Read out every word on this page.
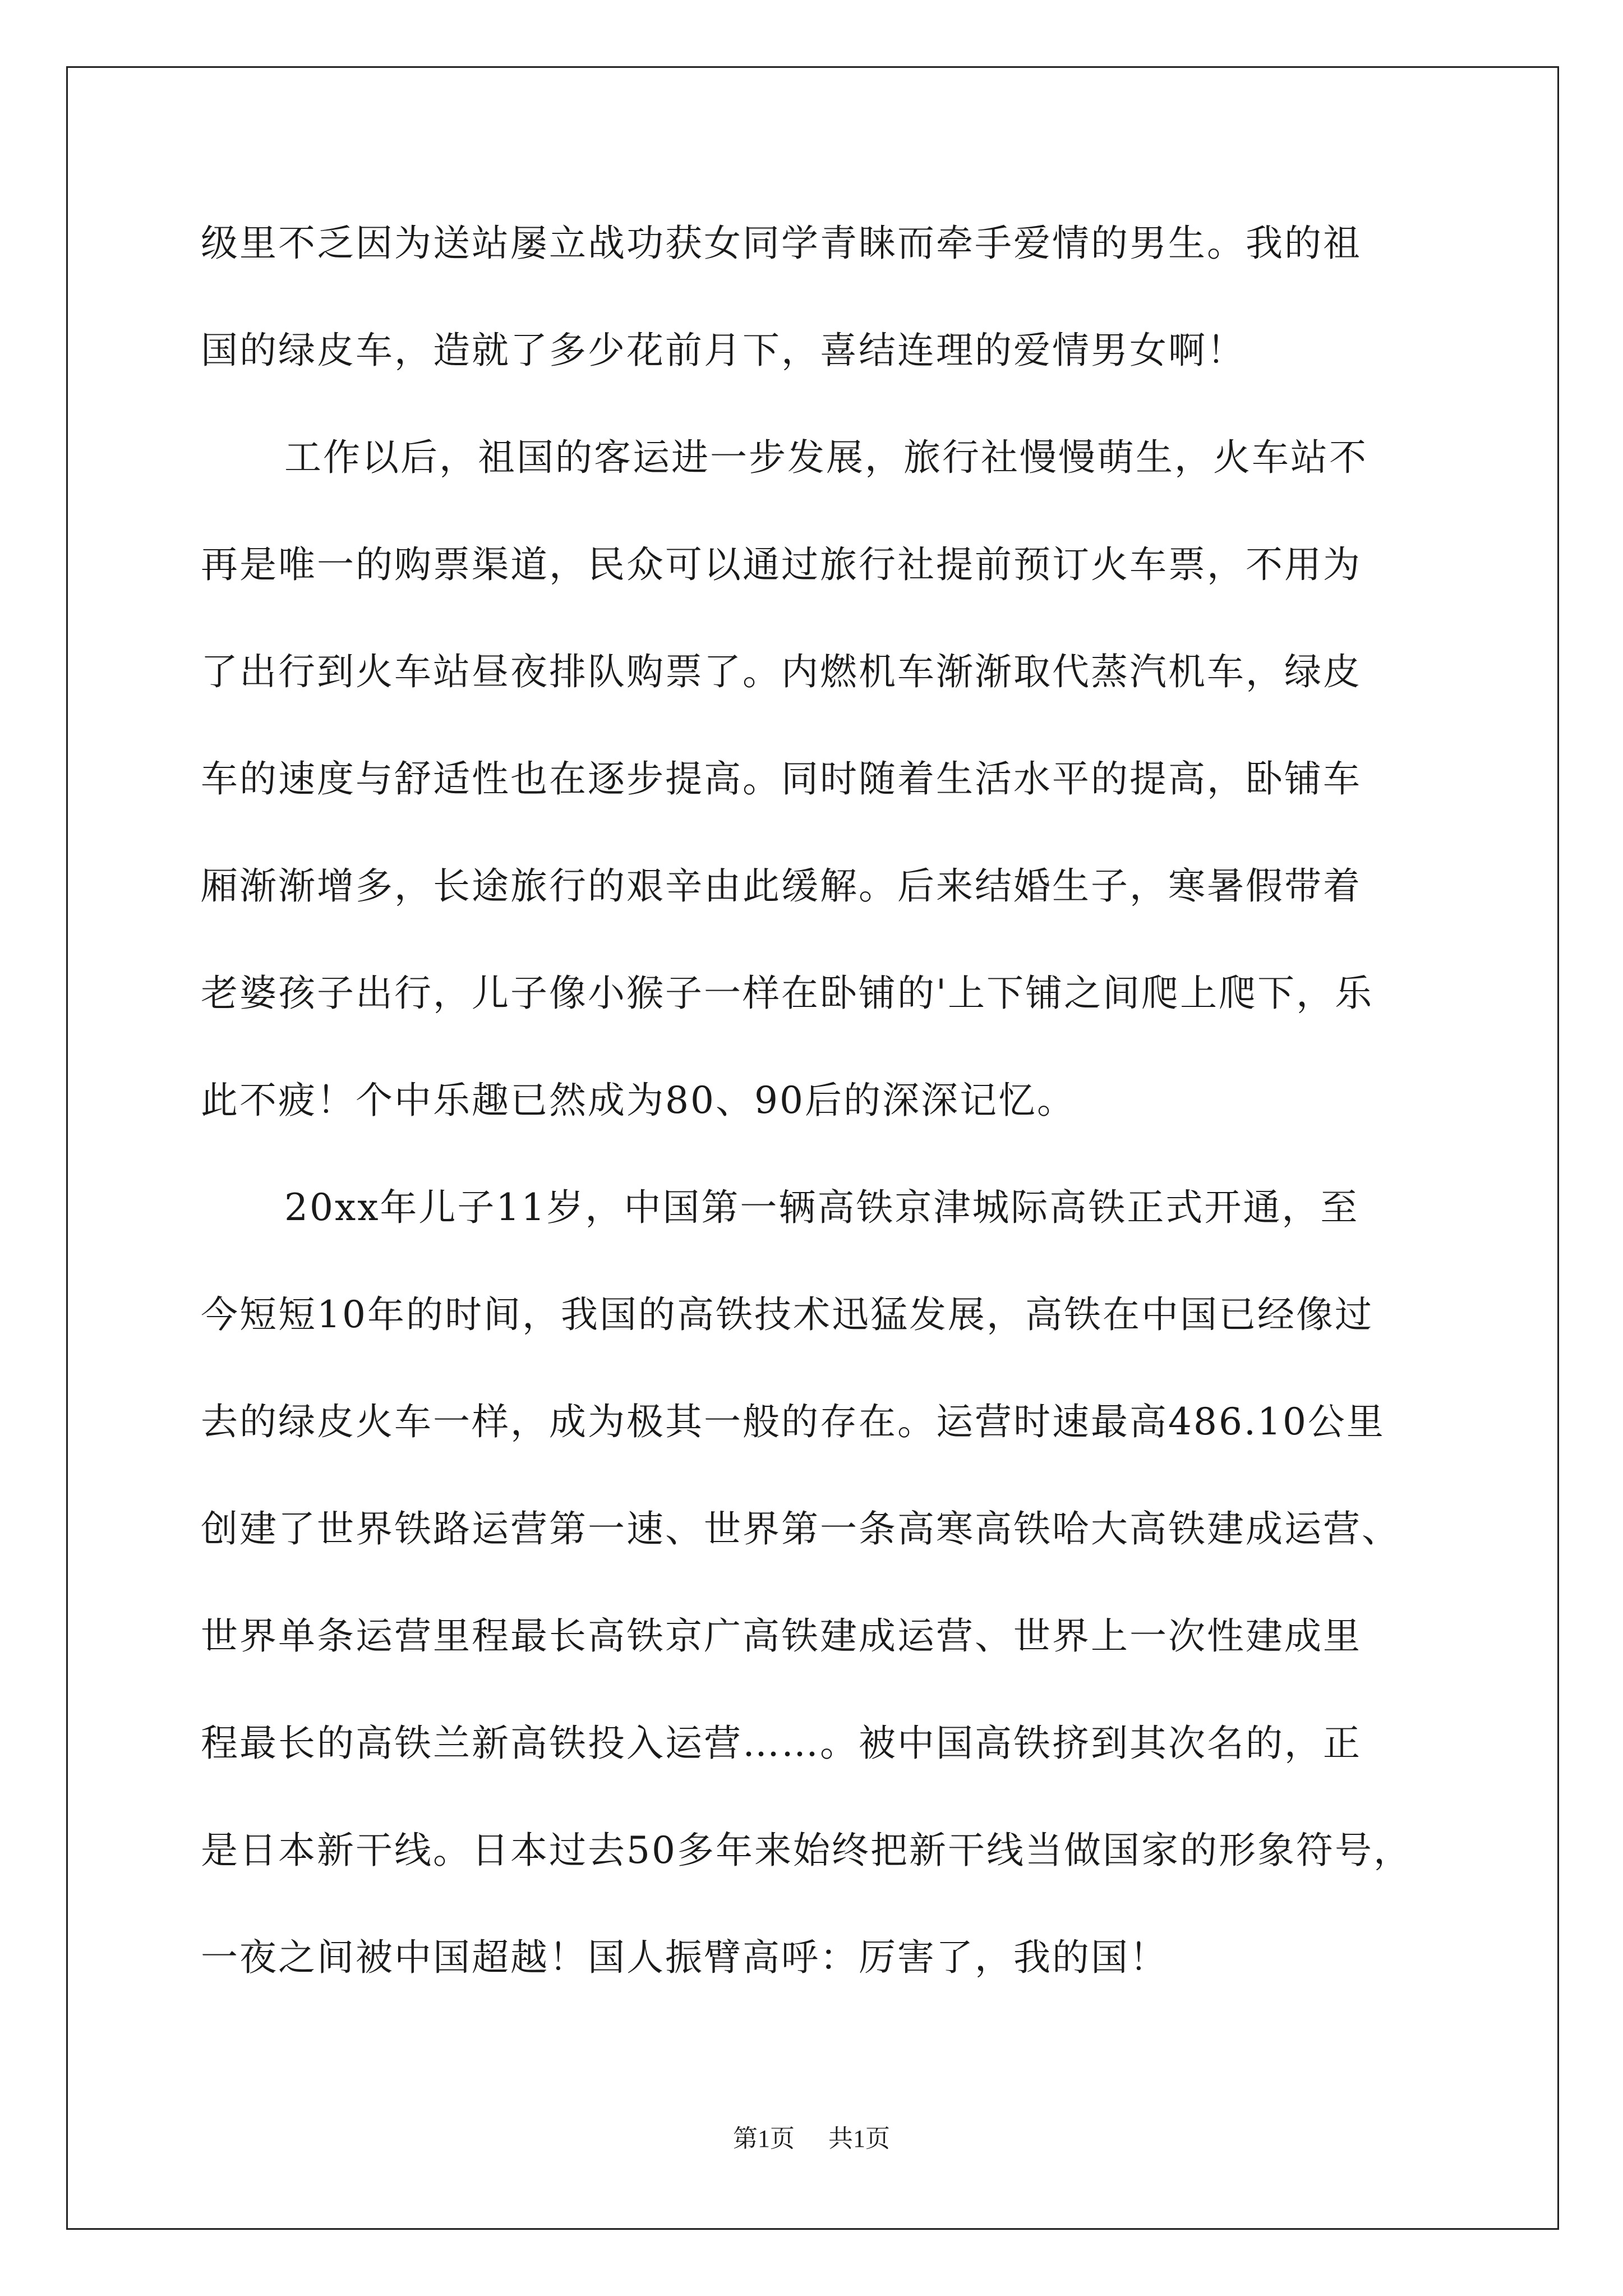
级里不乏因为送站屡立战功获女同学青睐而牵手爱情的男生。我的祖
国的绿皮车，造就了多少花前月下，喜结连理的爱情男女啊！
工作以后，祖国的客运进一步发展，旅行社慢慢萌生，火车站不
再是唯一的购票渠道，民众可以通过旅行社提前预订火车票，不用为
了出行到火车站昼夜排队购票了。内燃机车渐渐取代蒸汽机车，绿皮
车的速度与舒适性也在逐步提高。同时随着生活水平的提高，卧铺车
厢渐渐增多，长途旅行的艰辛由此缓解。后来结婚生子，寒暑假带着
老婆孩子出行，儿子像小猴子一样在卧铺的'上下铺之间爬上爬下，乐
此不疲！个中乐趣已然成为80、90后的深深记忆。
20xx年儿子11岁，中国第一辆高铁京津城际高铁正式开通，至
今短短10年的时间，我国的高铁技术迅猛发展，高铁在中国已经像过
去的绿皮火车一样，成为极其一般的存在。运营时速最高486.10公里
创建了世界铁路运营第一速、世界第一条高寒高铁哈大高铁建成运营、
世界单条运营里程最长高铁京广高铁建成运营、世界上一次性建成里
程最长的高铁兰新高铁投入运营……。被中国高铁挤到其次名的，正
是日本新干线。日本过去50多年来始终把新干线当做国家的形象符号，
一夜之间被中国超越！国人振臂高呼：厉害了，我的国！
第1页 共1页
